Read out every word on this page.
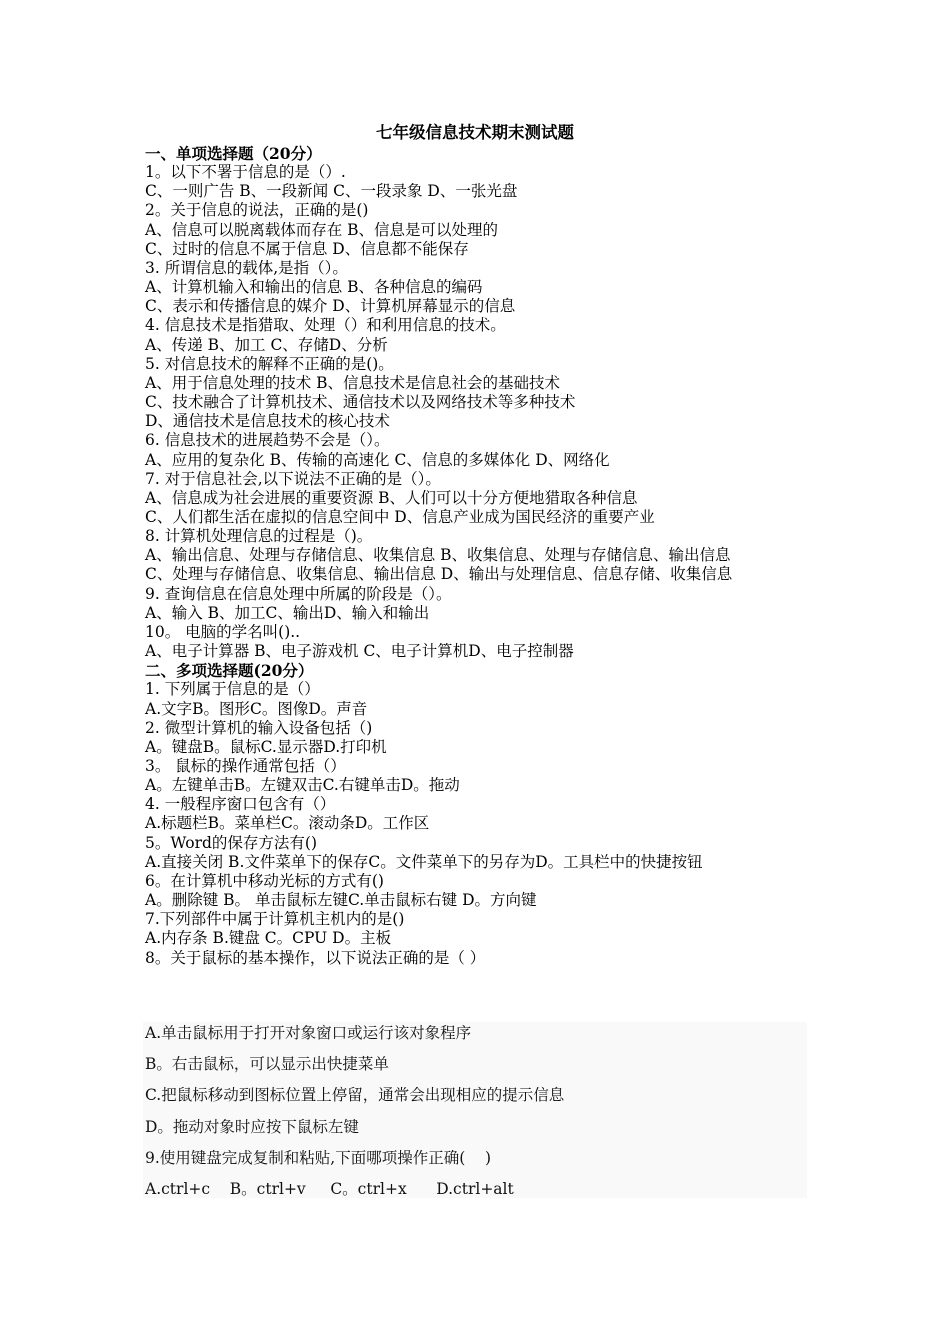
七年级信息技术期末测试题
一、单项选择题（20分）
1。以下不署于信息的是（）.
C、一则广告 B、一段新闻 C、一段录象 D、一张光盘
2。关于信息的说法，正确的是()
A、信息可以脱离载体而存在 B、信息是可以处理的
C、过时的信息不属于信息 D、信息都不能保存
3. 所谓信息的载体,是指（）。
A、计算机输入和输出的信息 B、各种信息的编码
C、表示和传播信息的媒介 D、计算机屏幕显示的信息
4. 信息技术是指猎取、处理（）和利用信息的技术。
A、传递 B、加工 C、存储D、分析
5. 对信息技术的解释不正确的是()。
A、用于信息处理的技术 B、信息技术是信息社会的基础技术
C、技术融合了计算机技术、通信技术以及网络技术等多种技术
D、通信技术是信息技术的核心技术
6. 信息技术的进展趋势不会是（）。
A、应用的复杂化 B、传输的高速化 C、信息的多媒体化 D、网络化
7. 对于信息社会,以下说法不正确的是（）。
A、信息成为社会进展的重要资源 B、人们可以十分方便地猎取各种信息
C、人们都生活在虚拟的信息空间中 D、信息产业成为国民经济的重要产业
8. 计算机处理信息的过程是（)。
A、输出信息、处理与存储信息、收集信息 B、收集信息、处理与存储信息、输出信息
C、处理与存储信息、收集信息、输出信息 D、输出与处理信息、信息存储、收集信息
9. 查询信息在信息处理中所属的阶段是（）。
A、输入 B、加工C、输出D、输入和输出
10。 电脑的学名叫()..
A、电子计算器 B、电子游戏机 C、电子计算机D、电子控制器
二、多项选择题(20分）
1. 下列属于信息的是（）
A.文字B。图形C。图像D。声音
2. 微型计算机的输入设备包括（)
A。键盘B。鼠标C.显示器D.打印机
3。 鼠标的操作通常包括（）
A。左键单击B。左键双击C.右键单击D。拖动
4. 一般程序窗口包含有（）
A.标题栏B。菜单栏C。滚动条D。工作区
5。Word的保存方法有()
A.直接关闭 B.文件菜单下的保存C。文件菜单下的另存为D。工具栏中的快捷按钮
6。在计算机中移动光标的方式有()
A。删除键 B。 单击鼠标左键C.单击鼠标右键 D。方向键
7.下列部件中属于计算机主机内的是()
A.内存条 B.键盘 C。CPU D。主板
8。关于鼠标的基本操作，以下说法正确的是（ ）
A.单击鼠标用于打开对象窗口或运行该对象程序
B。右击鼠标，可以显示出快捷菜单
C.把鼠标移动到图标位置上停留，通常会出现相应的提示信息
D。拖动对象时应按下鼠标左键
9.使用键盘完成复制和粘贴,下面哪项操作正确(    )
A.ctrl+c    B。ctrl+v     C。ctrl+x      D.ctrl+alt
